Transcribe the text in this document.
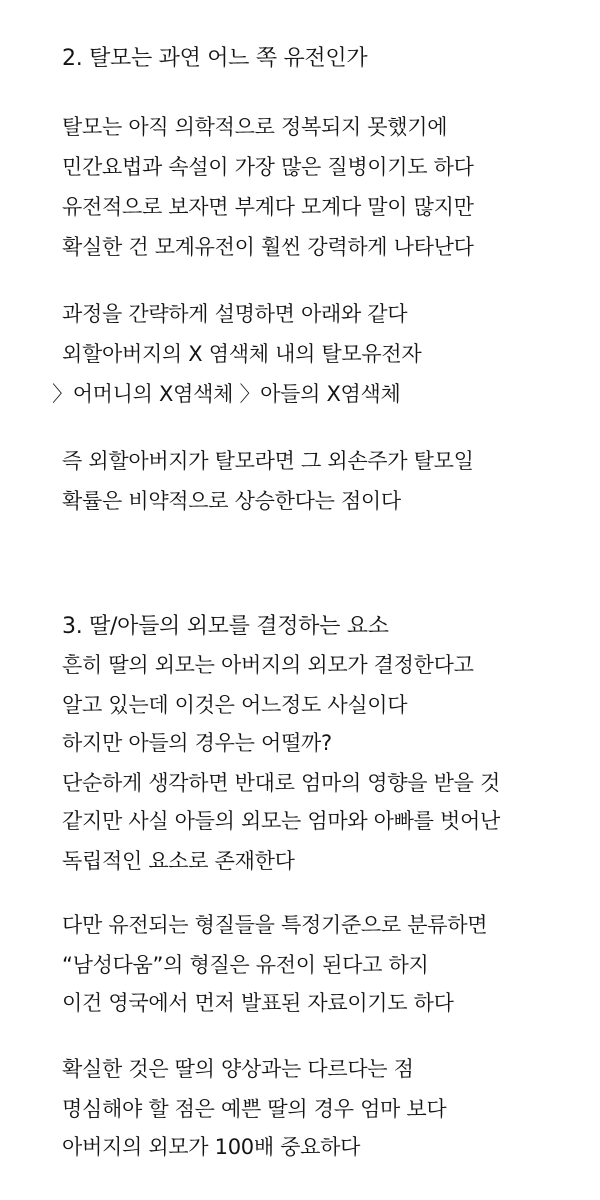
2. 탈모는 과연 어느 쪽 유전인가
탈모는 아직 의학적으로 정복되지 못했기에
민간요법과 속설이 가장 많은 질병이기도 하다
유전적으로 보자면 부계다 모계다 말이 많지만
확실한 건 모계유전이 훨씬 강력하게 나타난다
과정을 간략하게 설명하면 아래와 같다
외할아버지의 X 염색체 내의 탈모유전자
〉어머니의 X염색체 〉아들의 X염색체
즉 외할아버지가 탈모라면 그 외손주가 탈모일
확률은 비약적으로 상승한다는 점이다
3. 딸/아들의 외모를 결정하는 요소
흔히 딸의 외모는 아버지의 외모가 결정한다고
알고 있는데 이것은 어느정도 사실이다
하지만 아들의 경우는 어떨까?
단순하게 생각하면 반대로 엄마의 영향을 받을 것
같지만 사실 아들의 외모는 엄마와 아빠를 벗어난
독립적인 요소로 존재한다
다만 유전되는 형질들을 특정기준으로 분류하면
“남성다움”의 형질은 유전이 된다고 하지
이건 영국에서 먼저 발표된 자료이기도 하다
확실한 것은 딸의 양상과는 다르다는 점
명심해야 할 점은 예쁜 딸의 경우 엄마 보다
아버지의 외모가 100배 중요하다
